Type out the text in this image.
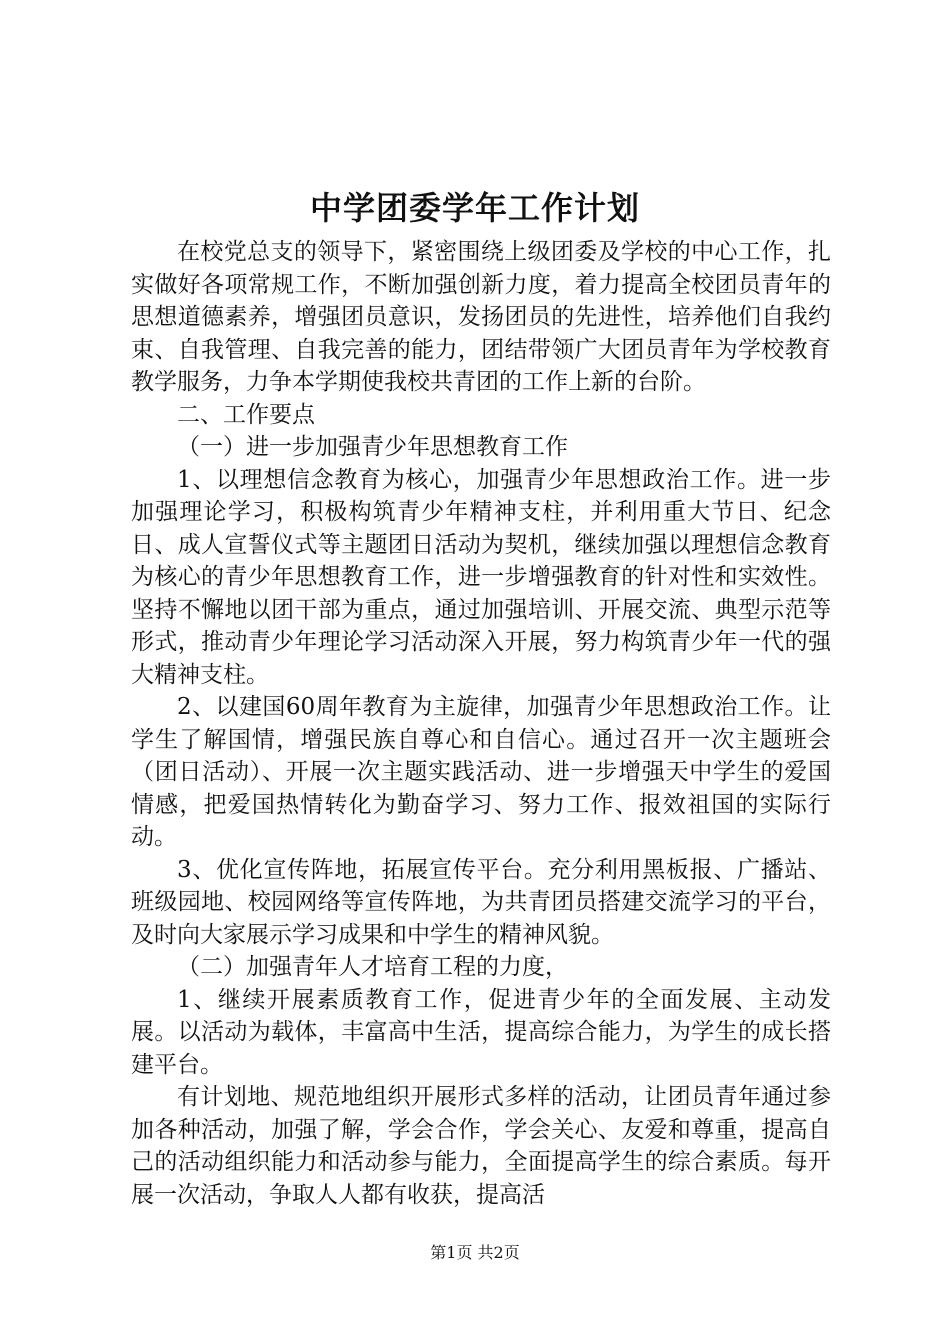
中学团委学年工作计划

在校党总支的领导下，紧密围绕上级团委及学校的中心工作，扎实做好各项常规工作，不断加强创新力度，着力提高全校团员青年的思想道德素养，增强团员意识，发扬团员的先进性，培养他们自我约束、自我管理、自我完善的能力，团结带领广大团员青年为学校教育教学服务，力争本学期使我校共青团的工作上新的台阶。

二、工作要点

（一）进一步加强青少年思想教育工作

1、以理想信念教育为核心，加强青少年思想政治工作。进一步加强理论学习，积极构筑青少年精神支柱，并利用重大节日、纪念日、成人宣誓仪式等主题团日活动为契机，继续加强以理想信念教育为核心的青少年思想教育工作，进一步增强教育的针对性和实效性。坚持不懈地以团干部为重点，通过加强培训、开展交流、典型示范等形式，推动青少年理论学习活动深入开展，努力构筑青少年一代的强大精神支柱。

2、以建国60周年教育为主旋律，加强青少年思想政治工作。让学生了解国情，增强民族自尊心和自信心。通过召开一次主题班会（团日活动）、开展一次主题实践活动、进一步增强天中学生的爱国情感，把爱国热情转化为勤奋学习、努力工作、报效祖国的实际行动。

3、优化宣传阵地，拓展宣传平台。充分利用黑板报、广播站、班级园地、校园网络等宣传阵地，为共青团员搭建交流学习的平台，及时向大家展示学习成果和中学生的精神风貌。

（二）加强青年人才培育工程的力度，

1、继续开展素质教育工作，促进青少年的全面发展、主动发展。以活动为载体，丰富高中生活，提高综合能力，为学生的成长搭建平台。

有计划地、规范地组织开展形式多样的活动，让团员青年通过参加各种活动，加强了解，学会合作，学会关心、友爱和尊重，提高自己的活动组织能力和活动参与能力，全面提高学生的综合素质。每开展一次活动，争取人人都有收获，提高活

第1页 共2页
